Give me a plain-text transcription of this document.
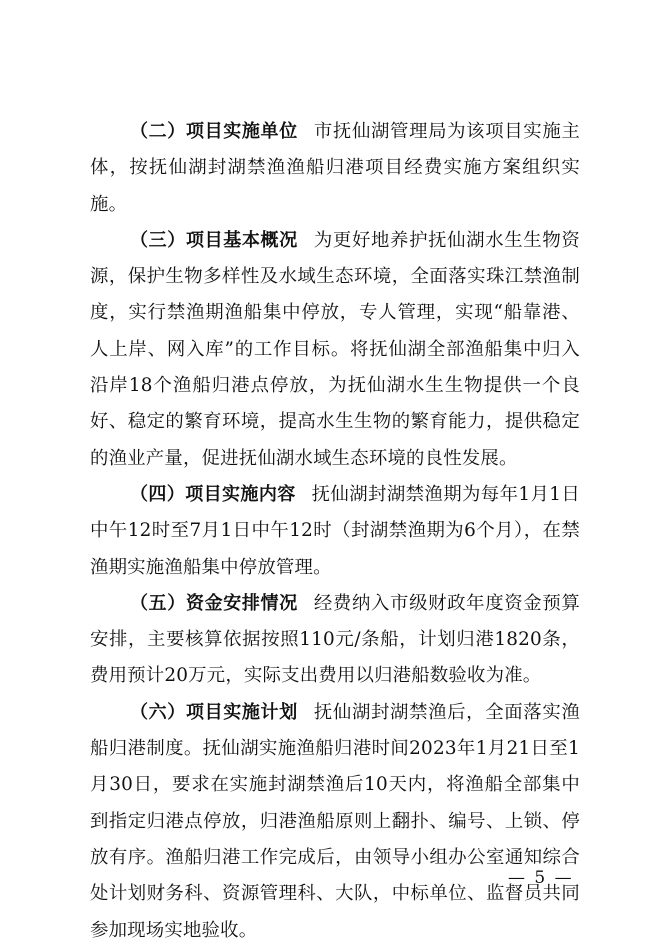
（二）项目实施单位 市抚仙湖管理局为该项目实施主体，按抚仙湖封湖禁渔渔船归港项目经费实施方案组织实施。

（三）项目基本概况 为更好地养护抚仙湖水生生物资源，保护生物多样性及水域生态环境，全面落实珠江禁渔制度，实行禁渔期渔船集中停放，专人管理，实现“船靠港、人上岸、网入库”的工作目标。将抚仙湖全部渔船集中归入沿岸18个渔船归港点停放，为抚仙湖水生生物提供一个良好、稳定的繁育环境，提高水生生物的繁育能力，提供稳定的渔业产量，促进抚仙湖水域生态环境的良性发展。

（四）项目实施内容 抚仙湖封湖禁渔期为每年1月1日中午12时至7月1日中午12时（封湖禁渔期为6个月），在禁渔期实施渔船集中停放管理。

（五）资金安排情况 经费纳入市级财政年度资金预算安排，主要核算依据按照110元/条船，计划归港1820条，费用预计20万元，实际支出费用以归港船数验收为准。

（六）项目实施计划 抚仙湖封湖禁渔后，全面落实渔船归港制度。抚仙湖实施渔船归港时间2023年1月21日至1月30日，要求在实施封湖禁渔后10天内，将渔船全部集中到指定归港点停放，归港渔船原则上翻扑、编号、上锁、停放有序。渔船归港工作完成后，由领导小组办公室通知综合处计划财务科、资源管理科、大队，中标单位、监督员共同参加现场实地验收。

— 5 —
